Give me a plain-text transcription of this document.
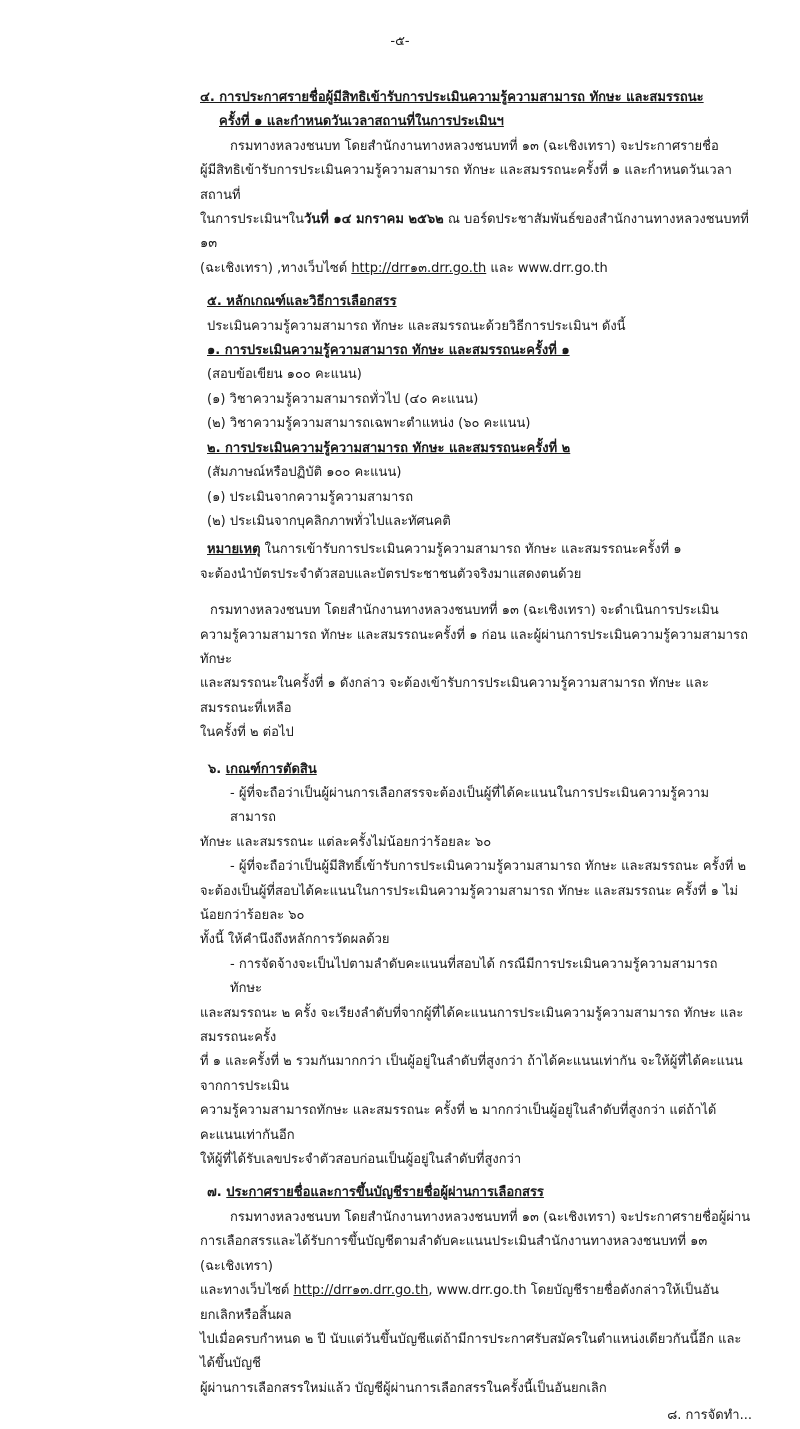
-๕-
๔. การประกาศรายชื่อผู้มีสิทธิเข้ารับการประเมินความรู้ความสามารถ ทักษะ และสมรรถนะ
ครั้งที่ ๑ และกำหนดวันเวลาสถานที่ในการประเมินฯ
กรมทางหลวงชนบท โดยสำนักงานทางหลวงชนบทที่ ๑๓ (ฉะเชิงเทรา) จะประกาศรายชื่อ
ผู้มีสิทธิเข้ารับการประเมินความรู้ความสามารถ ทักษะ และสมรรถนะครั้งที่ ๑ และกำหนดวันเวลาสถานที่
ในการประเมินฯในวันที่ ๑๔ มกราคม ๒๕๖๒ ณ บอร์ดประชาสัมพันธ์ของสำนักงานทางหลวงชนบทที่ ๑๓
(ฉะเชิงเทรา) ,ทางเว็บไซต์ http://drr๑๓.drr.go.th และ www.drr.go.th
๕. หลักเกณฑ์และวิธีการเลือกสรร
ประเมินความรู้ความสามารถ ทักษะ และสมรรถนะด้วยวิธีการประเมินฯ ดังนี้
๑. การประเมินความรู้ความสามารถ ทักษะ และสมรรถนะครั้งที่ ๑
(สอบข้อเขียน ๑๐๐ คะแนน)
(๑) วิชาความรู้ความสามารถทั่วไป (๔๐ คะแนน)
(๒) วิชาความรู้ความสามารถเฉพาะตำแหน่ง (๖๐ คะแนน)
๒. การประเมินความรู้ความสามารถ ทักษะ และสมรรถนะครั้งที่ ๒
(สัมภาษณ์หรือปฏิบัติ ๑๐๐ คะแนน)
(๑) ประเมินจากความรู้ความสามารถ
(๒) ประเมินจากบุคลิกภาพทั่วไปและทัศนคติ
หมายเหตุ ในการเข้ารับการประเมินความรู้ความสามารถ ทักษะ และสมรรถนะครั้งที่ ๑
จะต้องนำบัตรประจำตัวสอบและบัตรประชาชนตัวจริงมาแสดงตนด้วย
กรมทางหลวงชนบท โดยสำนักงานทางหลวงชนบทที่ ๑๓ (ฉะเชิงเทรา) จะดำเนินการประเมิน
ความรู้ความสามารถ ทักษะ และสมรรถนะครั้งที่ ๑ ก่อน และผู้ผ่านการประเมินความรู้ความสามารถ ทักษะ
และสมรรถนะในครั้งที่ ๑ ดังกล่าว จะต้องเข้ารับการประเมินความรู้ความสามารถ ทักษะ และสมรรถนะที่เหลือ
ในครั้งที่ ๒ ต่อไป
๖. เกณฑ์การตัดสิน
- ผู้ที่จะถือว่าเป็นผู้ผ่านการเลือกสรรจะต้องเป็นผู้ที่ได้คะแนนในการประเมินความรู้ความสามารถ
ทักษะ และสมรรถนะ แต่ละครั้งไม่น้อยกว่าร้อยละ ๖๐
- ผู้ที่จะถือว่าเป็นผู้มีสิทธิ์เข้ารับการประเมินความรู้ความสามารถ ทักษะ และสมรรถนะ ครั้งที่ ๒
จะต้องเป็นผู้ที่สอบได้คะแนนในการประเมินความรู้ความสามารถ ทักษะ และสมรรถนะ ครั้งที่ ๑ ไม่น้อยกว่าร้อยละ ๖๐
ทั้งนี้ ให้คำนึงถึงหลักการวัดผลด้วย
- การจัดจ้างจะเป็นไปตามลำดับคะแนนที่สอบได้ กรณีมีการประเมินความรู้ความสามารถ ทักษะ
และสมรรถนะ ๒ ครั้ง จะเรียงลำดับที่จากผู้ที่ได้คะแนนการประเมินความรู้ความสามารถ ทักษะ และสมรรถนะครั้ง
ที่ ๑ และครั้งที่ ๒ รวมกันมากกว่า เป็นผู้อยู่ในลำดับที่สูงกว่า ถ้าได้คะแนนเท่ากัน จะให้ผู้ที่ได้คะแนนจากการประเมิน
ความรู้ความสามารถทักษะ และสมรรถนะ ครั้งที่ ๒ มากกว่าเป็นผู้อยู่ในลำดับที่สูงกว่า แต่ถ้าได้คะแนนเท่ากันอีก
ให้ผู้ที่ได้รับเลขประจำตัวสอบก่อนเป็นผู้อยู่ในลำดับที่สูงกว่า
๗. ประกาศรายชื่อและการขึ้นบัญชีรายชื่อผู้ผ่านการเลือกสรร
กรมทางหลวงชนบท โดยสำนักงานทางหลวงชนบทที่ ๑๓ (ฉะเชิงเทรา) จะประกาศรายชื่อผู้ผ่าน
การเลือกสรรและได้รับการขึ้นบัญชีตามลำดับคะแนนประเมินสำนักงานทางหลวงชนบทที่ ๑๓ (ฉะเชิงเทรา)
และทางเว็บไซต์ http://drr๑๓.drr.go.th, www.drr.go.th โดยบัญชีรายชื่อดังกล่าวให้เป็นอันยกเลิกหรือสิ้นผล
ไปเมื่อครบกำหนด ๒ ปี นับแต่วันขึ้นบัญชีแต่ถ้ามีการประกาศรับสมัครในตำแหน่งเดียวกันนี้อีก และได้ขึ้นบัญชี
ผู้ผ่านการเลือกสรรใหม่แล้ว บัญชีผู้ผ่านการเลือกสรรในครั้งนี้เป็นอันยกเลิก
๘. การจัดทำ...
